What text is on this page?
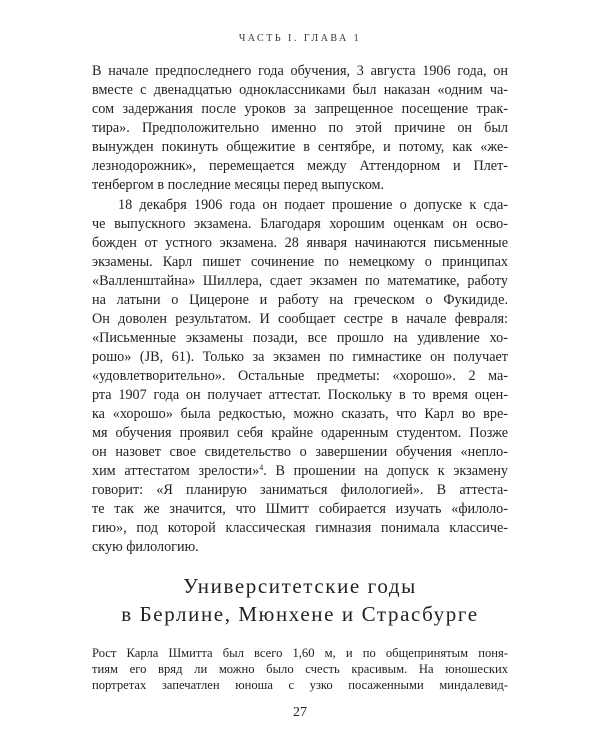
ЧАСТЬ I. ГЛАВА 1
В начале предпоследнего года обучения, 3 августа 1906 года, он
вместе с двенадцатью одноклассниками был наказан «одним ча-
сом задержания после уроков за запрещенное посещение трак-
тира». Предположительно именно по этой причине он был
вынужден покинуть общежитие в сентябре, и потому, как «же-
лезнодорожник», перемещается между Аттендорном и Плет-
тенбергом в последние месяцы перед выпуском.
18 декабря 1906 года он подает прошение о допуске к сда-
че выпускного экзамена. Благодаря хорошим оценкам он осво-
божден от устного экзамена. 28 января начинаются письменные
экзамены. Карл пишет сочинение по немецкому о принципах
«Валленштайна» Шиллера, сдает экзамен по математике, работу
на латыни о Цицероне и работу на греческом о Фукидиде.
Он доволен результатом. И сообщает сестре в начале февраля:
«Письменные экзамены позади, все прошло на удивление хо-
рошо» (JB, 61). Только за экзамен по гимнастике он получает
«удовлетворительно». Остальные предметы: «хорошо». 2 ма-
рта 1907 года он получает аттестат. Поскольку в то время оцен-
ка «хорошо» была редкостью, можно сказать, что Карл во вре-
мя обучения проявил себя крайне одаренным студентом. Позже
он назовет свое свидетельство о завершении обучения «непло-
хим аттестатом зрелости»$^4$. В прошении на допуск к экзамену
говорит: «Я планирую заниматься филологией». В аттеста-
те так же значится, что Шмитт собирается изучать «филоло-
гию», под которой классическая гимназия понимала классиче-
скую филологию.
Университетские годы
в Берлине, Мюнхене и Страсбурге
Рост Карла Шмитта был всего 1,60 м, и по общепринятым поня-
тиям его вряд ли можно было счесть красивым. На юношеских
портретах запечатлен юноша с узко посаженными миндалевид-
27
